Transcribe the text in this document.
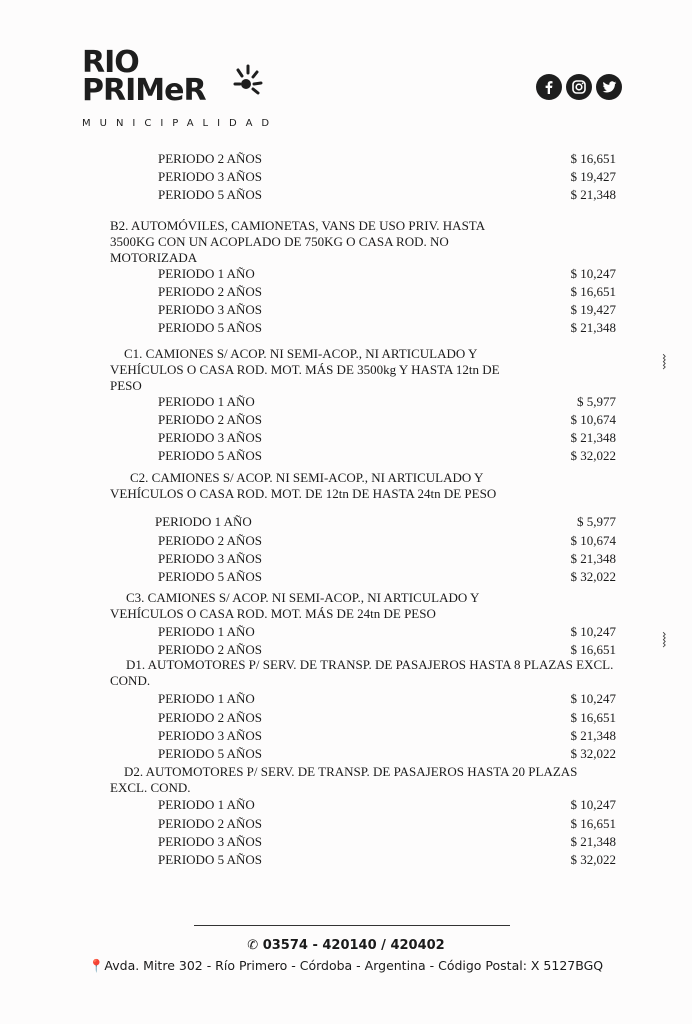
RIO
PRIMeR
MUNICIPALIDAD
PERIODO 2 AÑOS	$ 16,651
PERIODO 3 AÑOS	$ 19,427
PERIODO 5 AÑOS	$ 21,348

B2. AUTOMÓVILES, CAMIONETAS, VANS DE USO PRIV. HASTA 3500KG CON UN ACOPLADO DE 750KG O CASA ROD. NO MOTORIZADA

PERIODO 1 AÑO	$ 10,247
PERIODO 2 AÑOS	$ 16,651
PERIODO 3 AÑOS	$ 19,427
PERIODO 5 AÑOS	$ 21,348

C1. CAMIONES S/ ACOP. NI SEMI-ACOP., NI ARTICULADO Y VEHÍCULOS O CASA ROD. MOT. MÁS DE 3500kg Y HASTA 12tn DE PESO

PERIODO 1 AÑO	$ 5,977
PERIODO 2 AÑOS	$ 10,674
PERIODO 3 AÑOS	$ 21,348
PERIODO 5 AÑOS	$ 32,022

C2. CAMIONES S/ ACOP. NI SEMI-ACOP., NI ARTICULADO Y VEHÍCULOS O CASA ROD. MOT. DE 12tn DE HASTA 24tn DE PESO

PERIODO 1 AÑO	$ 5,977
PERIODO 2 AÑOS	$ 10,674
PERIODO 3 AÑOS	$ 21,348
PERIODO 5 AÑOS	$ 32,022

C3. CAMIONES S/ ACOP. NI SEMI-ACOP., NI ARTICULADO Y VEHÍCULOS O CASA ROD. MOT. MÁS DE 24tn DE PESO

PERIODO 1 AÑO	$ 10,247
PERIODO 2 AÑOS	$ 16,651

D1. AUTOMOTORES P/ SERV. DE TRANSP. DE PASAJEROS HASTA 8 PLAZAS EXCL. COND.

PERIODO 1 AÑO	$ 10,247
PERIODO 2 AÑOS	$ 16,651
PERIODO 3 AÑOS	$ 21,348
PERIODO 5 AÑOS	$ 32,022

D2. AUTOMOTORES P/ SERV. DE TRANSP. DE PASAJEROS HASTA 20 PLAZAS EXCL. COND.

PERIODO 1 AÑO	$ 10,247
PERIODO 2 AÑOS	$ 16,651
PERIODO 3 AÑOS	$ 21,348
PERIODO 5 AÑOS	$ 32,022
⧘
⧘
✆ 03574 - 420140 / 420402
📍Avda. Mitre 302 - Río Primero - Córdoba - Argentina - Código Postal: X 5127BGQ
